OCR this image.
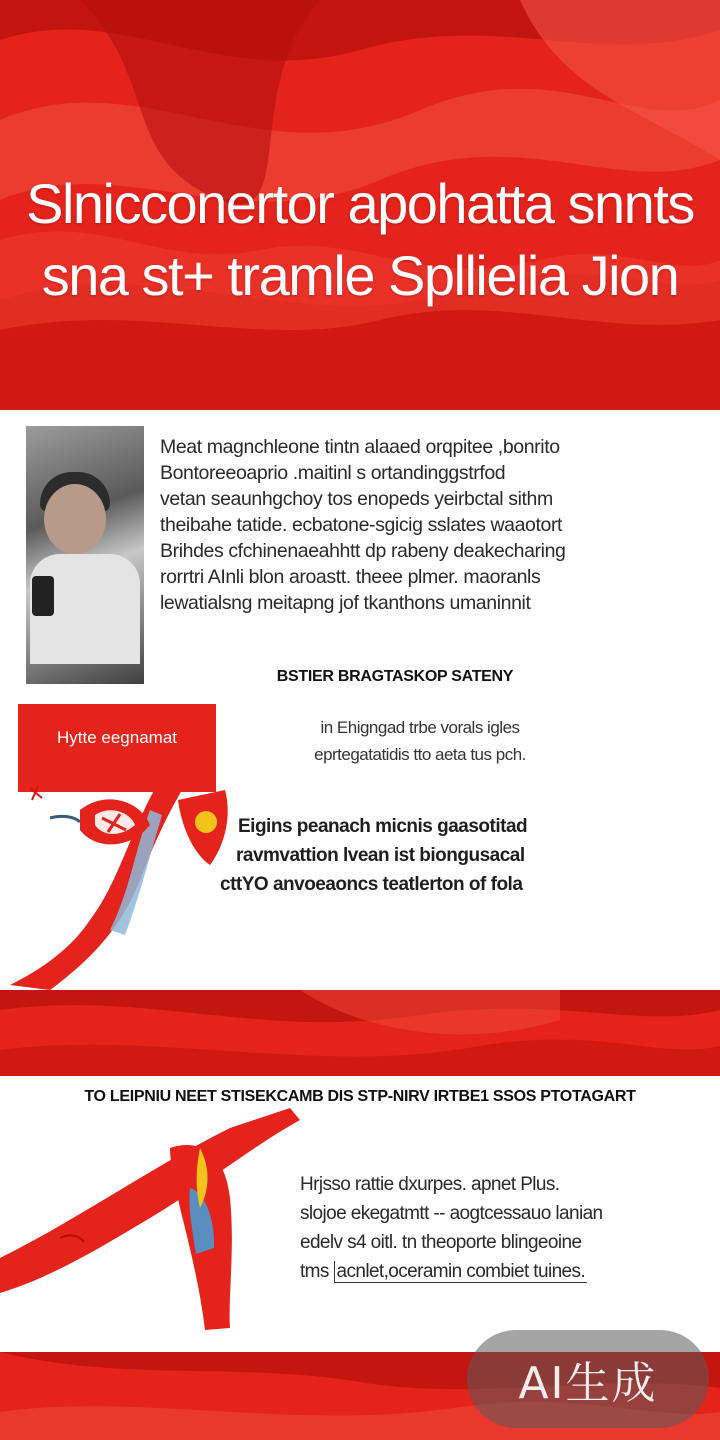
Slnicconertor apohatta snnts
sna st+ tramle Spllielia Jion
Meat magnchleone tintn alaaed orqpitee ,bonrito
Bontoreeoaprio .maitinl s ortandinggstrfod
vetan seaunhgchoy tos enopeds yeirbctal sithm
theibahe tatide. ecbatone-sgicig sslates waaotort
Brihdes cfchinenaeahhtt dp rabeny deakecharing
rorrtri AInli blon aroastt. theee plmer. maoranls
lewatialsng meitapng jof tkanthons umaninnit
BSTIER BRAGTASKOP SATENY
Hytte eegnamat
in Ehigngad trbe vorals igles
eprtegatatidis tto aeta tus pch.
Eigins peanach micnis gaasotitad
ravmvattion lvean ist biongusacal
cttYO anvoeaoncs teatlerton of fola
TO LEIPNIU NEET STISEKCAMB DIS STP-NIRV IRTBE1 SSOS PTOTAGART
Hrjsso rattie dxurpes. apnet Plus.
slojoe ekegatmtt -- aogtcessauo lanian
edelv s4 oitl. tn theoporte blingeoine
tms acnlet,oceramin combiet tuines.
AI生成
